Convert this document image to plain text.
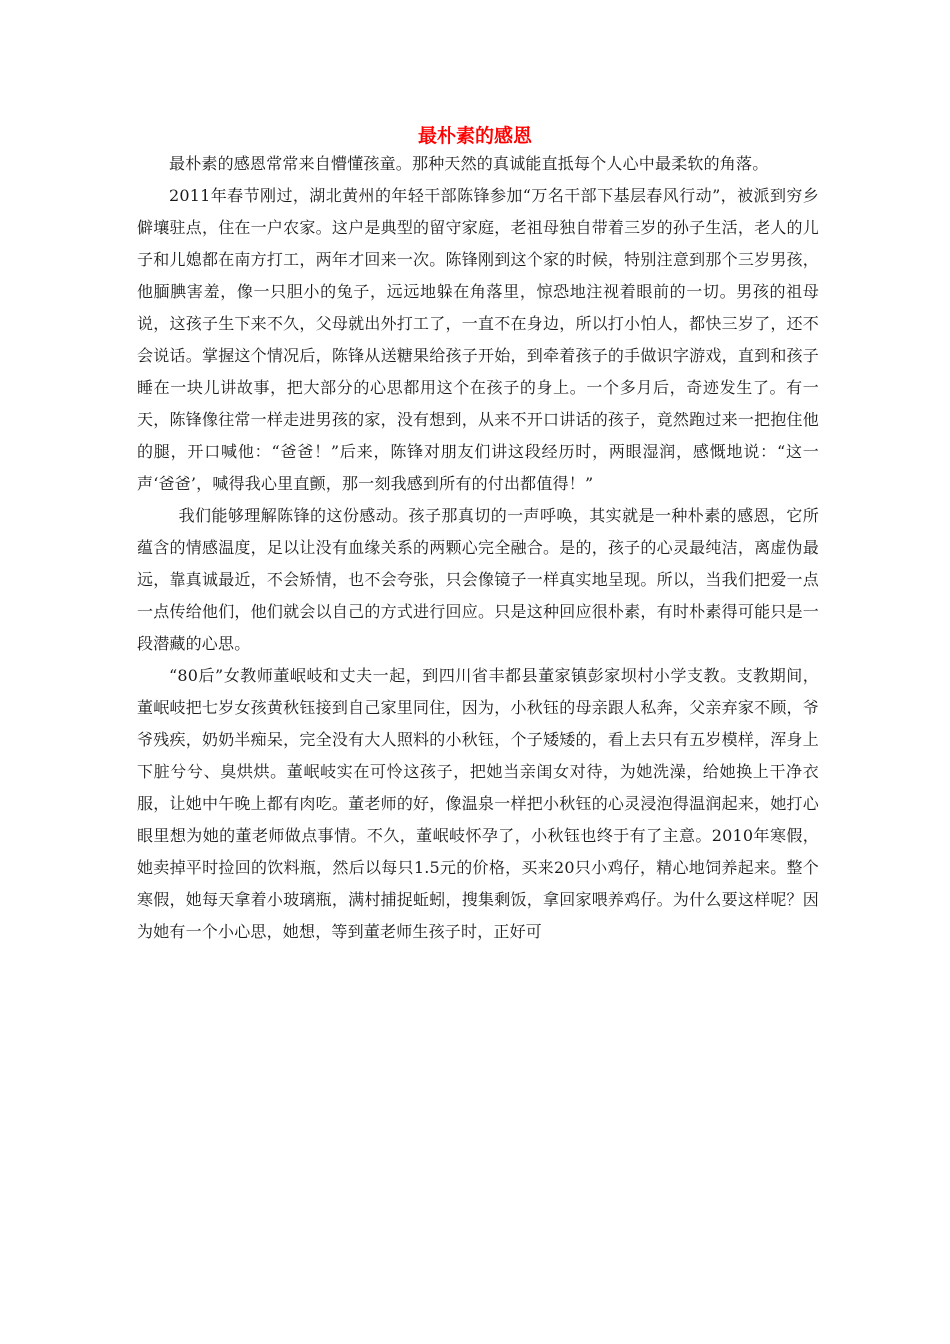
最朴素的感恩

最朴素的感恩常常来自懵懂孩童。那种天然的真诚能直抵每个人心中最柔软的角落。

2011年春节刚过，湖北黄州的年轻干部陈锋参加“万名干部下基层春风行动”，被派到穷乡僻壤驻点，住在一户农家。这户是典型的留守家庭，老祖母独自带着三岁的孙子生活，老人的儿子和儿媳都在南方打工，两年才回来一次。陈锋刚到这个家的时候，特别注意到那个三岁男孩，他腼腆害羞，像一只胆小的兔子，远远地躲在角落里，惊恐地注视着眼前的一切。男孩的祖母说，这孩子生下来不久，父母就出外打工了，一直不在身边，所以打小怕人，都快三岁了，还不会说话。掌握这个情况后，陈锋从送糖果给孩子开始，到牵着孩子的手做识字游戏，直到和孩子睡在一块儿讲故事，把大部分的心思都用这个在孩子的身上。一个多月后，奇迹发生了。有一天，陈锋像往常一样走进男孩的家，没有想到，从来不开口讲话的孩子，竟然跑过来一把抱住他的腿，开口喊他：“爸爸！”后来，陈锋对朋友们讲这段经历时，两眼湿润，感慨地说：“这一声‘爸爸’，喊得我心里直颤，那一刻我感到所有的付出都值得！”

我们能够理解陈锋的这份感动。孩子那真切的一声呼唤，其实就是一种朴素的感恩，它所蕴含的情感温度，足以让没有血缘关系的两颗心完全融合。是的，孩子的心灵最纯洁，离虚伪最远，靠真诚最近，不会矫情，也不会夸张，只会像镜子一样真实地呈现。所以，当我们把爱一点一点传给他们，他们就会以自己的方式进行回应。只是这种回应很朴素，有时朴素得可能只是一段潜藏的心思。

“80后”女教师董岷岐和丈夫一起，到四川省丰都县董家镇彭家坝村小学支教。支教期间，董岷岐把七岁女孩黄秋钰接到自己家里同住，因为，小秋钰的母亲跟人私奔，父亲弃家不顾，爷爷残疾，奶奶半痴呆，完全没有大人照料的小秋钰，个子矮矮的，看上去只有五岁模样，浑身上下脏兮兮、臭烘烘。董岷岐实在可怜这孩子，把她当亲闺女对待，为她洗澡，给她换上干净衣服，让她中午晚上都有肉吃。董老师的好，像温泉一样把小秋钰的心灵浸泡得温润起来，她打心眼里想为她的董老师做点事情。不久，董岷岐怀孕了，小秋钰也终于有了主意。2010年寒假，她卖掉平时捡回的饮料瓶，然后以每只1.5元的价格，买来20只小鸡仔，精心地饲养起来。整个寒假，她每天拿着小玻璃瓶，满村捕捉蚯蚓，搜集剩饭，拿回家喂养鸡仔。为什么要这样呢？因为她有一个小心思，她想，等到董老师生孩子时，正好可
